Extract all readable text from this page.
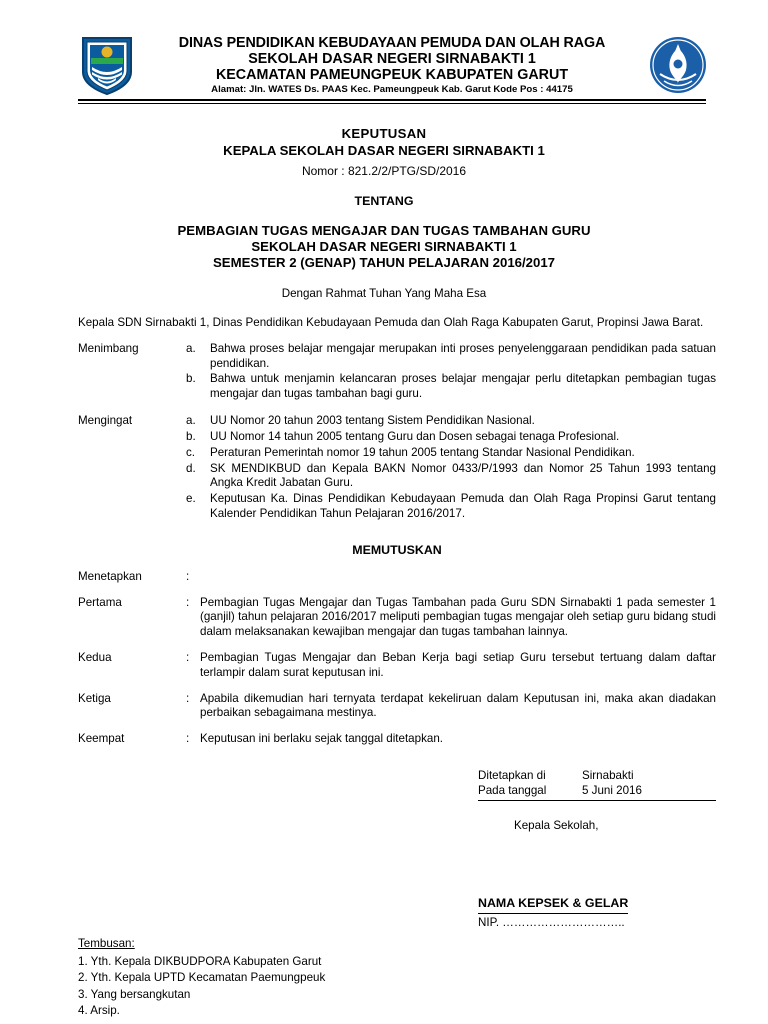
DINAS PENDIDIKAN KEBUDAYAAN PEMUDA DAN OLAH RAGA
SEKOLAH DASAR NEGERI SIRNABAKTI 1
KECAMATAN PAMEUNGPEUK KABUPATEN GARUT
Alamat: Jln. WATES Ds. PAAS Kec. Pameungpeuk Kab. Garut Kode Pos : 44175
KEPUTUSAN
KEPALA SEKOLAH DASAR NEGERI SIRNABAKTI 1
Nomor : 821.2/2/PTG/SD/2016
TENTANG
PEMBAGIAN TUGAS MENGAJAR DAN TUGAS TAMBAHAN GURU
SEKOLAH DASAR NEGERI SIRNABAKTI 1
SEMESTER 2 (GENAP) TAHUN PELAJARAN 2016/2017
Dengan Rahmat Tuhan Yang Maha Esa
Kepala SDN Sirnabakti 1, Dinas Pendidikan Kebudayaan Pemuda dan Olah Raga Kabupaten Garut, Propinsi Jawa Barat.
Menimbang	a.	Bahwa proses belajar mengajar merupakan inti proses penyelenggaraan pendidikan pada satuan pendidikan.
b.	Bahwa untuk menjamin kelancaran proses belajar mengajar perlu ditetapkan pembagian tugas mengajar dan tugas tambahan bagi guru.
Mengingat	a.	UU Nomor 20 tahun 2003 tentang Sistem Pendidikan Nasional.
b.	UU Nomor 14 tahun 2005 tentang Guru dan Dosen sebagai tenaga Profesional.
c.	Peraturan Pemerintah nomor 19 tahun 2005 tentang Standar Nasional Pendidikan.
d.	SK MENDIKBUD dan Kepala BAKN Nomor 0433/P/1993 dan Nomor 25 Tahun 1993 tentang Angka Kredit Jabatan Guru.
e.	Keputusan Ka. Dinas Pendidikan Kebudayaan Pemuda dan Olah Raga Propinsi Garut tentang Kalender Pendidikan Tahun Pelajaran 2016/2017.
MEMUTUSKAN
Menetapkan	:
Pertama	: Pembagian Tugas Mengajar dan Tugas Tambahan pada Guru SDN Sirnabakti 1 pada semester 1 (ganjil) tahun pelajaran 2016/2017 meliputi pembagian tugas mengajar oleh setiap guru bidang studi dalam melaksanakan kewajiban mengajar dan tugas tambahan lainnya.
Kedua	: Pembagian Tugas Mengajar dan Beban Kerja bagi setiap Guru tersebut tertuang dalam daftar terlampir dalam surat keputusan ini.
Ketiga	: Apabila dikemudian hari ternyata terdapat kekeliruan dalam Keputusan ini, maka akan diadakan perbaikan sebagaimana mestinya.
Keempat	: Keputusan ini berlaku sejak tanggal ditetapkan.
Ditetapkan di	Sirnabakti
Pada tanggal	5 Juni 2016
Kepala Sekolah,
NAMA KEPSEK & GELAR
NIP. …………………………..
Tembusan:
1. Yth. Kepala DIKBUDPORA Kabupaten Garut
2. Yth. Kepala UPTD Kecamatan Paemungpeuk
3. Yang bersangkutan
4. Arsip.
